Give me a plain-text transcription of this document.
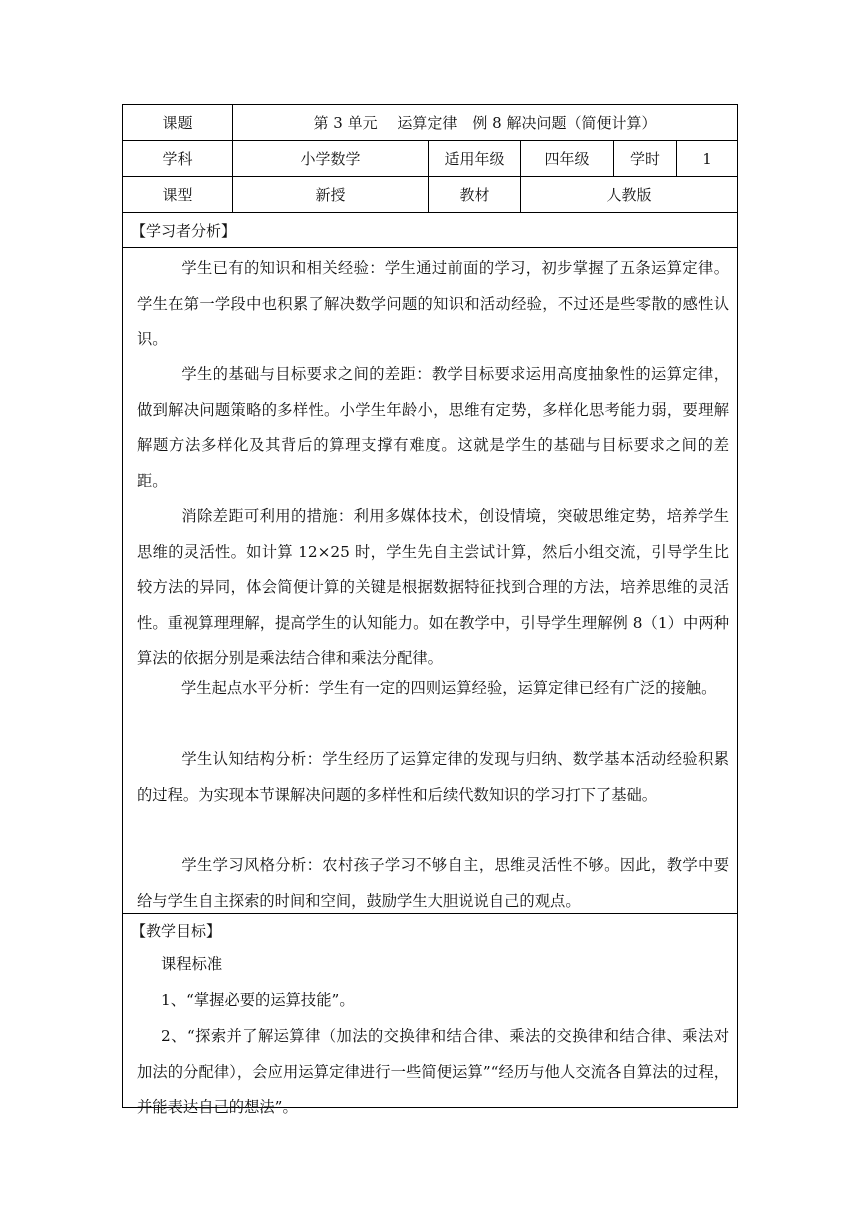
课题	第 3 单元　 运算定律　例 8 解决问题（简便计算）
学科	小学数学	适用年级	四年级	学时	1
课型	新授	教材	人教版
【学习者分析】
学生已有的知识和相关经验：学生通过前面的学习，初步掌握了五条运算定律。学生在第一学段中也积累了解决数学问题的知识和活动经验，不过还是些零散的感性认识。
学生的基础与目标要求之间的差距：教学目标要求运用高度抽象性的运算定律，做到解决问题策略的多样性。小学生年龄小，思维有定势，多样化思考能力弱，要理解解题方法多样化及其背后的算理支撑有难度。这就是学生的基础与目标要求之间的差距。
消除差距可利用的措施：利用多媒体技术，创设情境，突破思维定势，培养学生思维的灵活性。如计算 12×25 时，学生先自主尝试计算，然后小组交流，引导学生比较方法的异同，体会简便计算的关键是根据数据特征找到合理的方法，培养思维的灵活性。重视算理理解，提高学生的认知能力。如在教学中，引导学生理解例 8（1）中两种算法的依据分别是乘法结合律和乘法分配律。
学生起点水平分析：学生有一定的四则运算经验，运算定律已经有广泛的接触。
学生认知结构分析：学生经历了运算定律的发现与归纳、数学基本活动经验积累的过程。为实现本节课解决问题的多样性和后续代数知识的学习打下了基础。
学生学习风格分析：农村孩子学习不够自主，思维灵活性不够。因此，教学中要给与学生自主探索的时间和空间，鼓励学生大胆说说自己的观点。
【教学目标】
课程标准
1、“掌握必要的运算技能”。
2、“探索并了解运算律（加法的交换律和结合律、乘法的交换律和结合律、乘法对加法的分配律），会应用运算定律进行一些简便运算”“经历与他人交流各自算法的过程，并能表达自己的想法”。
